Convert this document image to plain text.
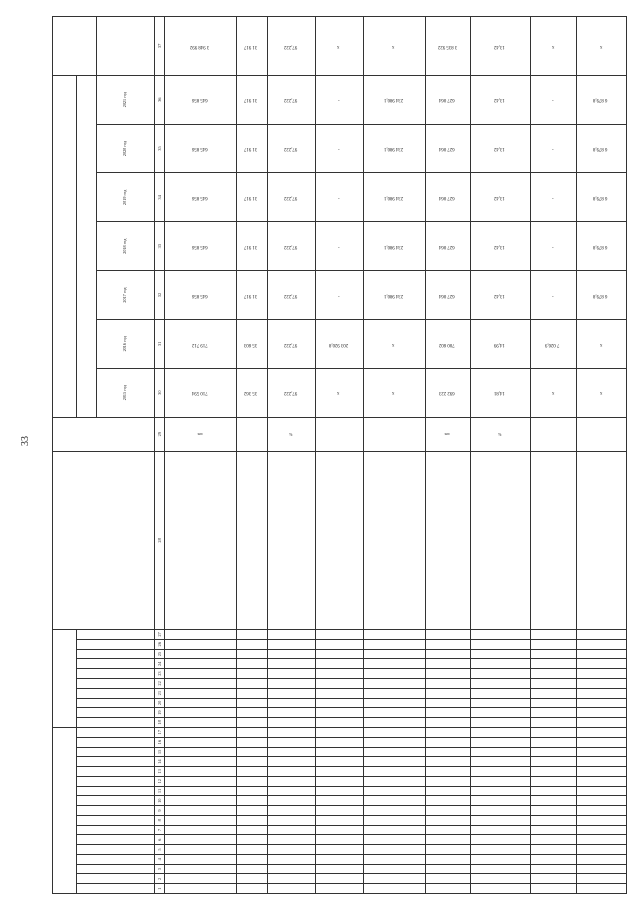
33

																													2015 год	2016 год	2017 год	2018 год	2019 год	2020 год	2021 год	
1	2	3	4	5	6	7	8	9	10	11	12	13	14	15	16	17	18	19	20	21	22	23	24	25	26	27	28	29	30	31	32	33	34	35	36	37
																												шт.	710 594	719 712	645 856	645 856	645 856	645 856	645 856	3 948 992
																													35 362	35 603	31 917	31 917	31 917	31 917	31 917	31 917
																												%	97,222	97,222	97,222	97,222	97,222	97,222	97,222	97,222
																													х	203 920,8	-	-	-	-	-	х
																													х	х	234 980,1	234 980,1	234 980,1	234 980,1	234 980,1	х
																												шт.	692 223	700 602	627 064	627 064	627 064	627 064	627 064	3 835 922
																												%	14,81	14,99	13,42	13,42	13,42	13,42	13,42	13,42
																													х	7 026,9	-	-	-	-	-	х
																													х	х	6 879,8	6 879,8	6 879,8	6 879,8	6 879,8	х
